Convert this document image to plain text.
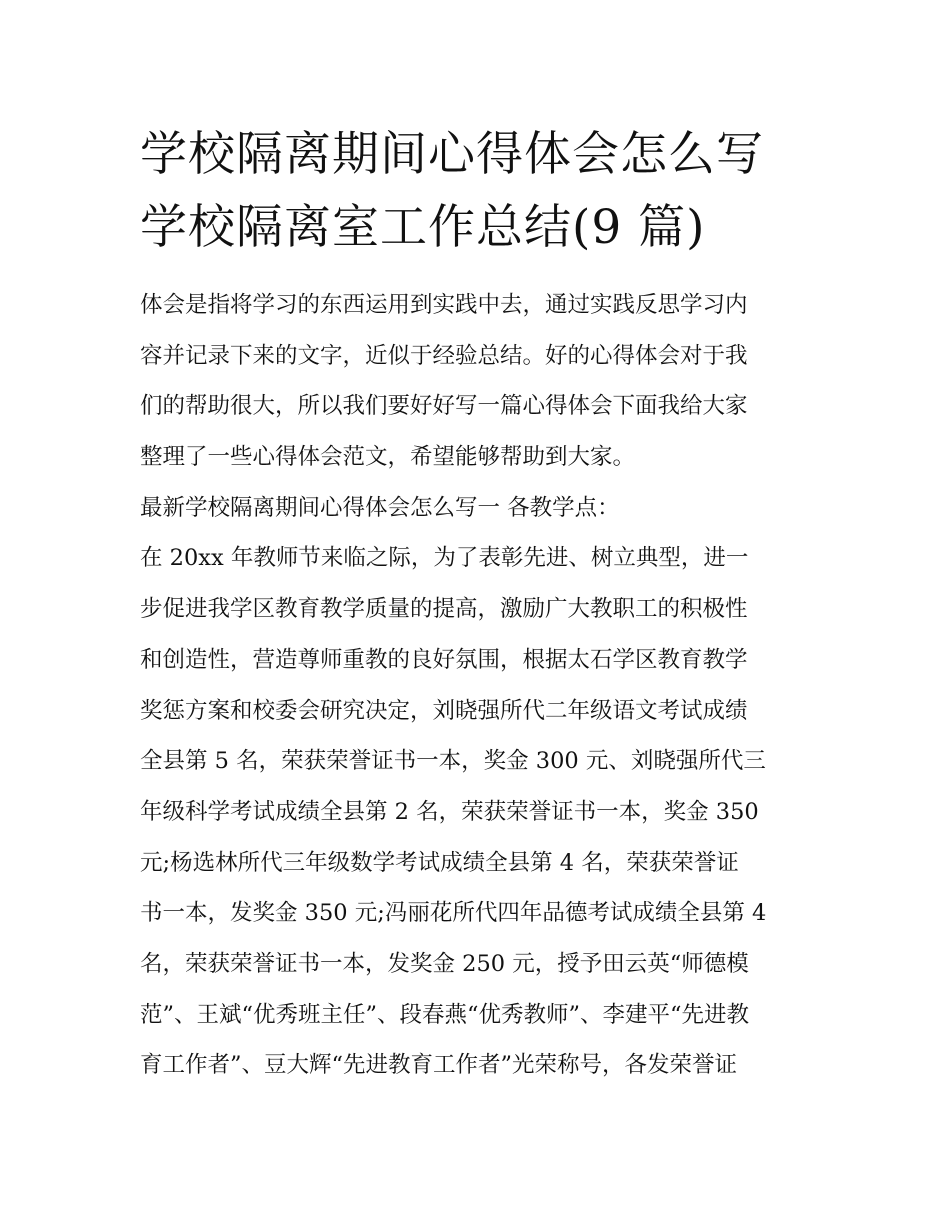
学校隔离期间心得体会怎么写
学校隔离室工作总结(9 篇)
体会是指将学习的东西运用到实践中去，通过实践反思学习内
容并记录下来的文字，近似于经验总结。好的心得体会对于我
们的帮助很大，所以我们要好好写一篇心得体会下面我给大家
整理了一些心得体会范文，希望能够帮助到大家。
最新学校隔离期间心得体会怎么写一 各教学点：
在 20xx 年教师节来临之际，为了表彰先进、树立典型，进一
步促进我学区教育教学质量的提高，激励广大教职工的积极性
和创造性，营造尊师重教的良好氛围，根据太石学区教育教学
奖惩方案和校委会研究决定，刘晓强所代二年级语文考试成绩
全县第 5 名，荣获荣誉证书一本，奖金 300 元、刘晓强所代三
年级科学考试成绩全县第 2 名，荣获荣誉证书一本，奖金 350
元;杨选林所代三年级数学考试成绩全县第 4 名，荣获荣誉证
书一本，发奖金 350 元;冯丽花所代四年品德考试成绩全县第 4
名，荣获荣誉证书一本，发奖金 250 元，授予田云英“师德模
范”、王斌“优秀班主任”、段春燕“优秀教师”、李建平“先进教
育工作者”、豆大辉“先进教育工作者”光荣称号，各发荣誉证
